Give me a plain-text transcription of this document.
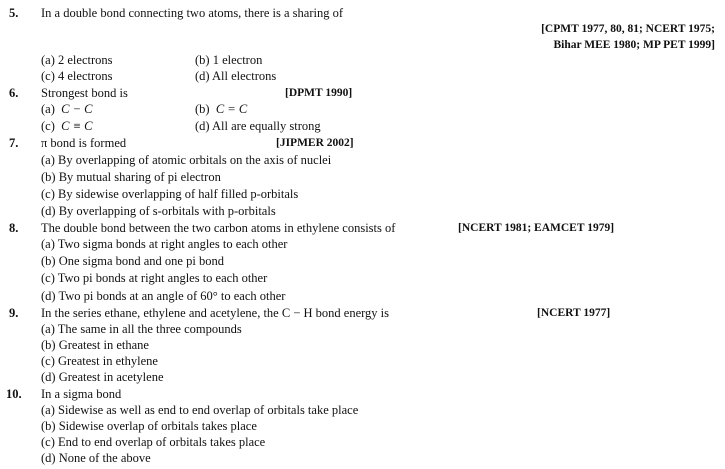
5. In a double bond connecting two atoms, there is a sharing of
[CPMT 1977, 80, 81; NCERT 1975;
Bihar MEE 1980; MP PET 1999]
(a) 2 electrons	(b) 1 electron
(c) 4 electrons	(d) All electrons
6. Strongest bond is	[DPMT 1990]
(a)  C − C	(b)  C = C
(c)  C ≡ C	(d) All are equally strong
7. π bond is formed	[JIPMER 2002]
(a) By overlapping of atomic orbitals on the axis of nuclei
(b) By mutual sharing of pi electron
(c) By sidewise overlapping of half filled p-orbitals
(d) By overlapping of s-orbitals with p-orbitals
8. The double bond between the two carbon atoms in ethylene consists of	[NCERT 1981; EAMCET 1979]
(a) Two sigma bonds at right angles to each other
(b) One sigma bond and one pi bond
(c) Two pi bonds at right angles to each other
(d) Two pi bonds at an angle of 60° to each other
9. In the series ethane, ethylene and acetylene, the C − H bond energy is	[NCERT 1977]
(a) The same in all the three compounds
(b) Greatest in ethane
(c) Greatest in ethylene
(d) Greatest in acetylene
10. In a sigma bond
(a) Sidewise as well as end to end overlap of orbitals take place
(b) Sidewise overlap of orbitals takes place
(c) End to end overlap of orbitals takes place
(d) None of the above
